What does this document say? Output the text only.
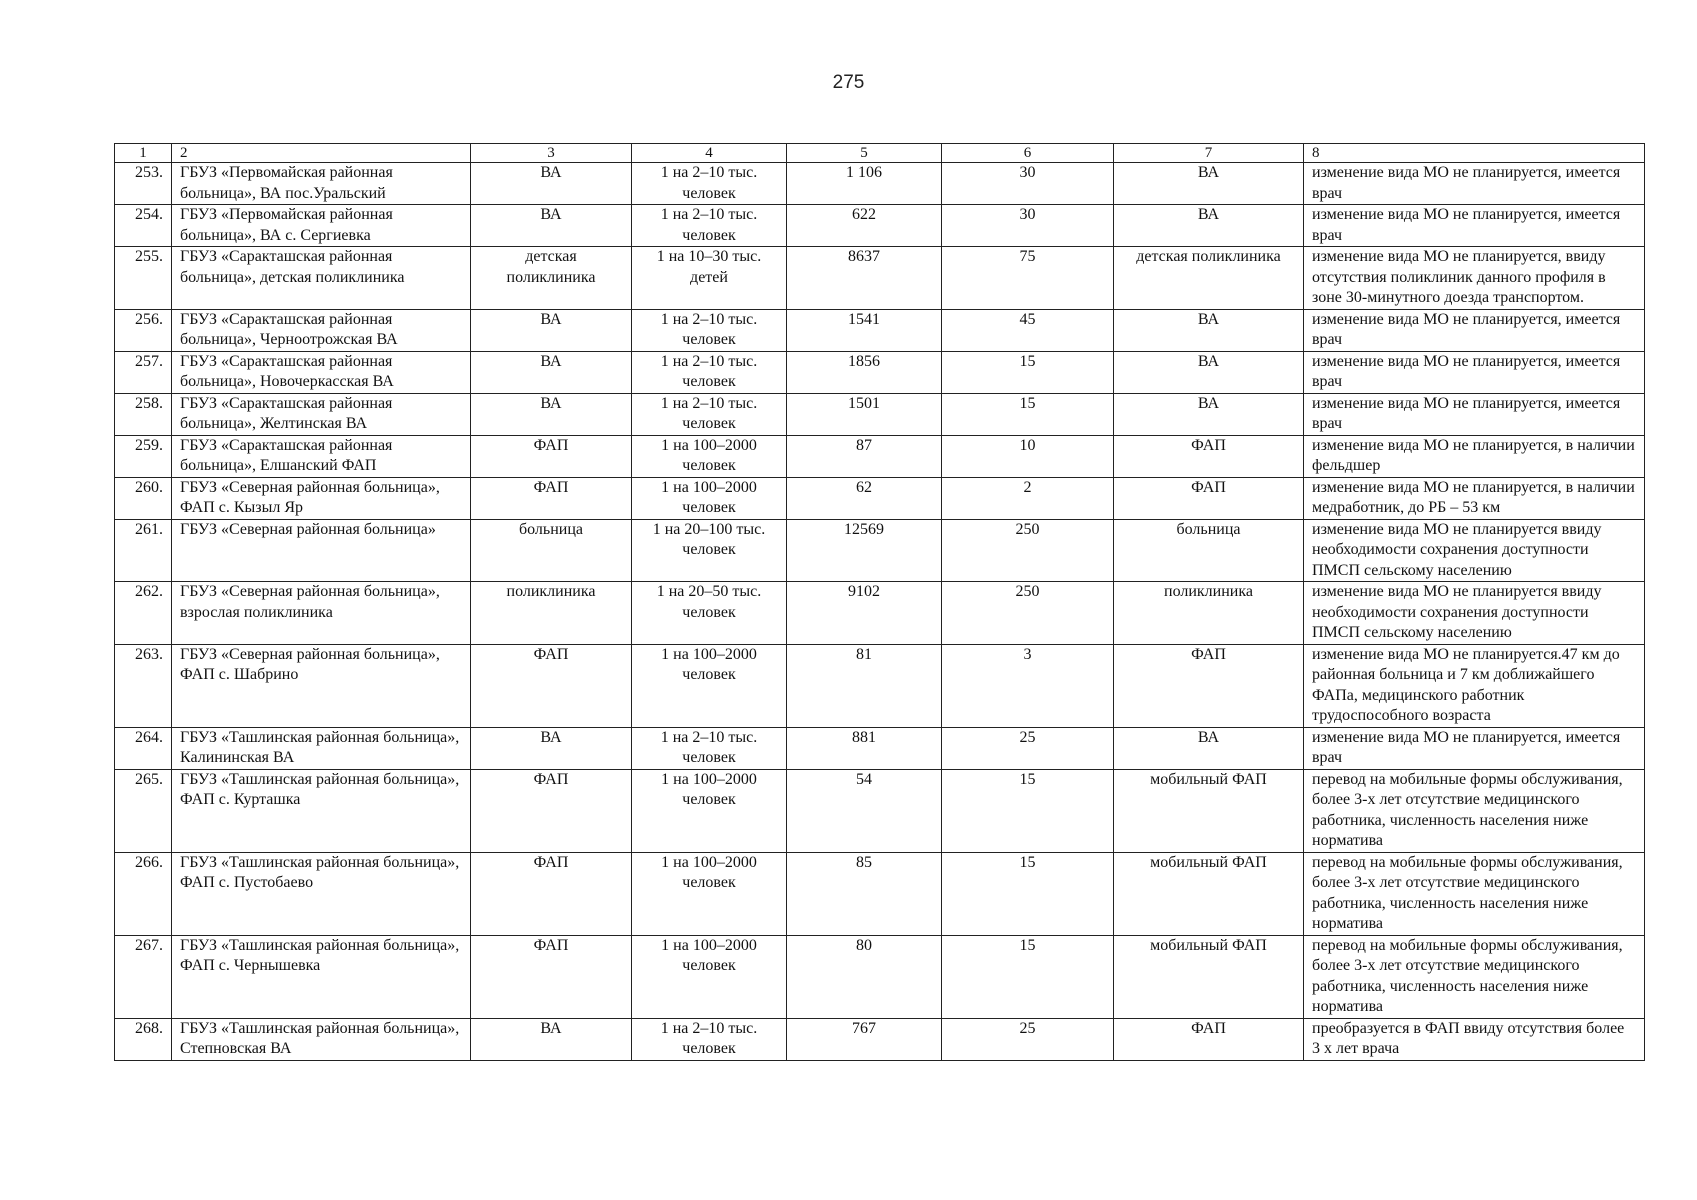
275
1	2	3	4	5	6	7	8
253.	ГБУЗ «Первомайская районная больница», ВА пос.Уральский	ВА	1 на 2–10 тыс. человек	1 106	30	ВА	изменение вида МО не планируется, имеется врач
254.	ГБУЗ «Первомайская районная больница», ВА с. Сергиевка	ВА	1 на 2–10 тыс. человек	622	30	ВА	изменение вида МО не планируется, имеется врач
255.	ГБУЗ «Саракташская районная больница», детская поликлиника	детская поликлиника	1 на 10–30 тыс. детей	8637	75	детская поликлиника	изменение вида МО не планируется, ввиду отсутствия поликлиник данного профиля в зоне 30-минутного доезда транспортом.
256.	ГБУЗ «Саракташская районная больница», Черноотрожская ВА	ВА	1 на 2–10 тыс. человек	1541	45	ВА	изменение вида МО не планируется, имеется врач
257.	ГБУЗ «Саракташская районная больница», Новочеркасская ВА	ВА	1 на 2–10 тыс. человек	1856	15	ВА	изменение вида МО не планируется, имеется врач
258.	ГБУЗ «Саракташская районная больница», Желтинская ВА	ВА	1 на 2–10 тыс. человек	1501	15	ВА	изменение вида МО не планируется, имеется врач
259.	ГБУЗ «Саракташская районная больница», Елшанский ФАП	ФАП	1 на 100–2000 человек	87	10	ФАП	изменение вида МО не планируется, в наличии фельдшер
260.	ГБУЗ «Северная районная больница», ФАП с. Кызыл Яр	ФАП	1 на 100–2000 человек	62	2	ФАП	изменение вида МО не планируется, в наличии медработник, до РБ – 53 км
261.	ГБУЗ «Северная районная больница»	больница	1 на 20–100 тыс. человек	12569	250	больница	изменение вида МО не планируется ввиду необходимости сохранения доступности ПМСП сельскому населению
262.	ГБУЗ «Северная районная больница», взрослая поликлиника	поликлиника	1 на 20–50 тыс. человек	9102	250	поликлиника	изменение вида МО не планируется ввиду необходимости сохранения доступности ПМСП сельскому населению
263.	ГБУЗ «Северная районная больница», ФАП с. Шабрино	ФАП	1 на 100–2000 человек	81	3	ФАП	изменение вида МО не планируется.47 км до районная больница и 7 км доближайшего ФАПа, медицинского работник трудоспособного возраста
264.	ГБУЗ «Ташлинская районная больница», Калининская ВА	ВА	1 на 2–10 тыс. человек	881	25	ВА	изменение вида МО не планируется, имеется врач
265.	ГБУЗ «Ташлинская районная больница», ФАП с. Курташка	ФАП	1 на 100–2000 человек	54	15	мобильный ФАП	перевод на мобильные формы обслуживания, более 3-х лет отсутствие медицинского работника, численность населения ниже норматива
266.	ГБУЗ «Ташлинская районная больница», ФАП с. Пустобаево	ФАП	1 на 100–2000 человек	85	15	мобильный ФАП	перевод на мобильные формы обслуживания, более 3-х лет отсутствие медицинского работника, численность населения ниже норматива
267.	ГБУЗ «Ташлинская районная больница», ФАП с. Чернышевка	ФАП	1 на 100–2000 человек	80	15	мобильный ФАП	перевод на мобильные формы обслуживания, более 3-х лет отсутствие медицинского работника, численность населения ниже норматива
268.	ГБУЗ «Ташлинская районная больница», Степновская ВА	ВА	1 на 2–10 тыс. человек	767	25	ФАП	преобразуется в ФАП ввиду отсутствия более 3 х лет врача
